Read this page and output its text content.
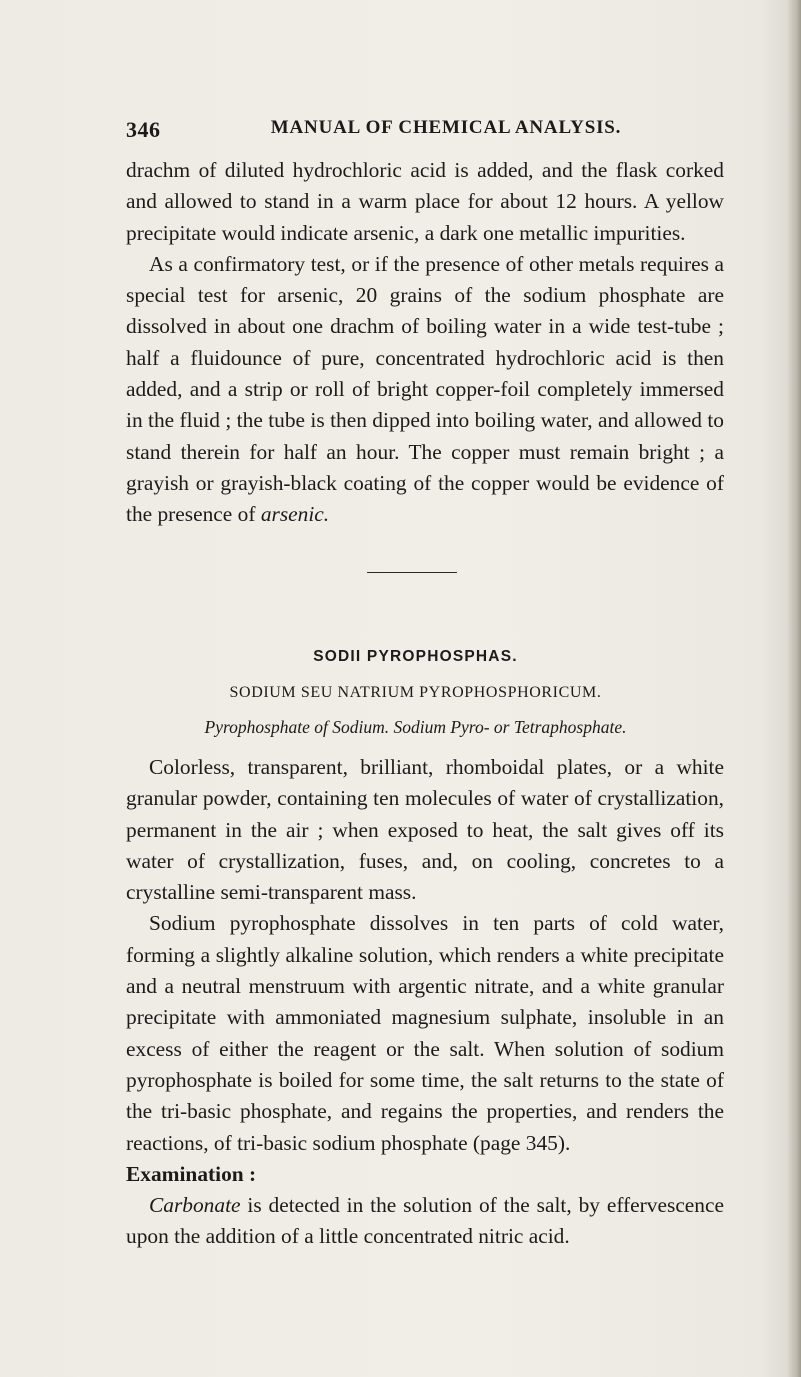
346	MANUAL OF CHEMICAL ANALYSIS.

drachm of diluted hydrochloric acid is added, and the flask corked and allowed to stand in a warm place for about 12 hours. A yellow precipitate would indicate arsenic, a dark one metallic impurities.

As a confirmatory test, or if the presence of other metals requires a special test for arsenic, 20 grains of the sodium phosphate are dissolved in about one drachm of boiling water in a wide test-tube ; half a fluidounce of pure, concentrated hydrochloric acid is then added, and a strip or roll of bright copper-foil completely immersed in the fluid ; the tube is then dipped into boiling water, and allowed to stand therein for half an hour. The copper must remain bright ; a grayish or grayish-black coating of the copper would be evidence of the presence of arsenic.

SODII PYROPHOSPHAS.
SODIUM SEU NATRIUM PYROPHOSPHORICUM.
Pyrophosphate of Sodium. Sodium Pyro- or Tetraphosphate.

Colorless, transparent, brilliant, rhomboidal plates, or a white granular powder, containing ten molecules of water of crystallization, permanent in the air ; when exposed to heat, the salt gives off its water of crystallization, fuses, and, on cooling, concretes to a crystalline semi-transparent mass.

Sodium pyrophosphate dissolves in ten parts of cold water, forming a slightly alkaline solution, which renders a white precipitate and a neutral menstruum with argentic nitrate, and a white granular precipitate with ammoniated magnesium sulphate, insoluble in an excess of either the reagent or the salt. When solution of sodium pyrophosphate is boiled for some time, the salt returns to the state of the tri-basic phosphate, and regains the properties, and renders the reactions, of tri-basic sodium phosphate (page 345).

Examination :

Carbonate is detected in the solution of the salt, by effervescence upon the addition of a little concentrated nitric acid.
